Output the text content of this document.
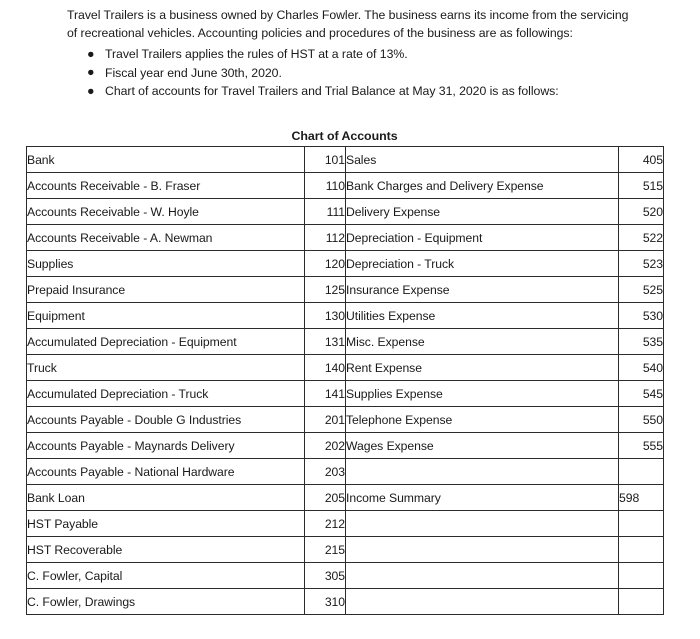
Travel Trailers is a business owned by Charles Fowler. The business earns its income from the servicing of recreational vehicles. Accounting policies and procedures of the business are as followings:

● Travel Trailers applies the rules of HST at a rate of 13%.
● Fiscal year end June 30th, 2020.
● Chart of accounts for Travel Trailers and Trial Balance at May 31, 2020 is as follows:
Chart of Accounts
Bank	101	Sales	405
Accounts Receivable - B. Fraser	110	Bank Charges and Delivery Expense	515
Accounts Receivable - W. Hoyle	111	Delivery Expense	520
Accounts Receivable - A. Newman	112	Depreciation - Equipment	522
Supplies	120	Depreciation - Truck	523
Prepaid Insurance	125	Insurance Expense	525
Equipment	130	Utilities Expense	530
Accumulated Depreciation - Equipment	131	Misc. Expense	535
Truck	140	Rent Expense	540
Accumulated Depreciation - Truck	141	Supplies Expense	545
Accounts Payable - Double G Industries	201	Telephone Expense	550
Accounts Payable - Maynards Delivery	202	Wages Expense	555
Accounts Payable - National Hardware	203		
Bank Loan	205	Income Summary	598
HST Payable	212		
HST Recoverable	215		
C. Fowler, Capital	305		
C. Fowler, Drawings	310		
